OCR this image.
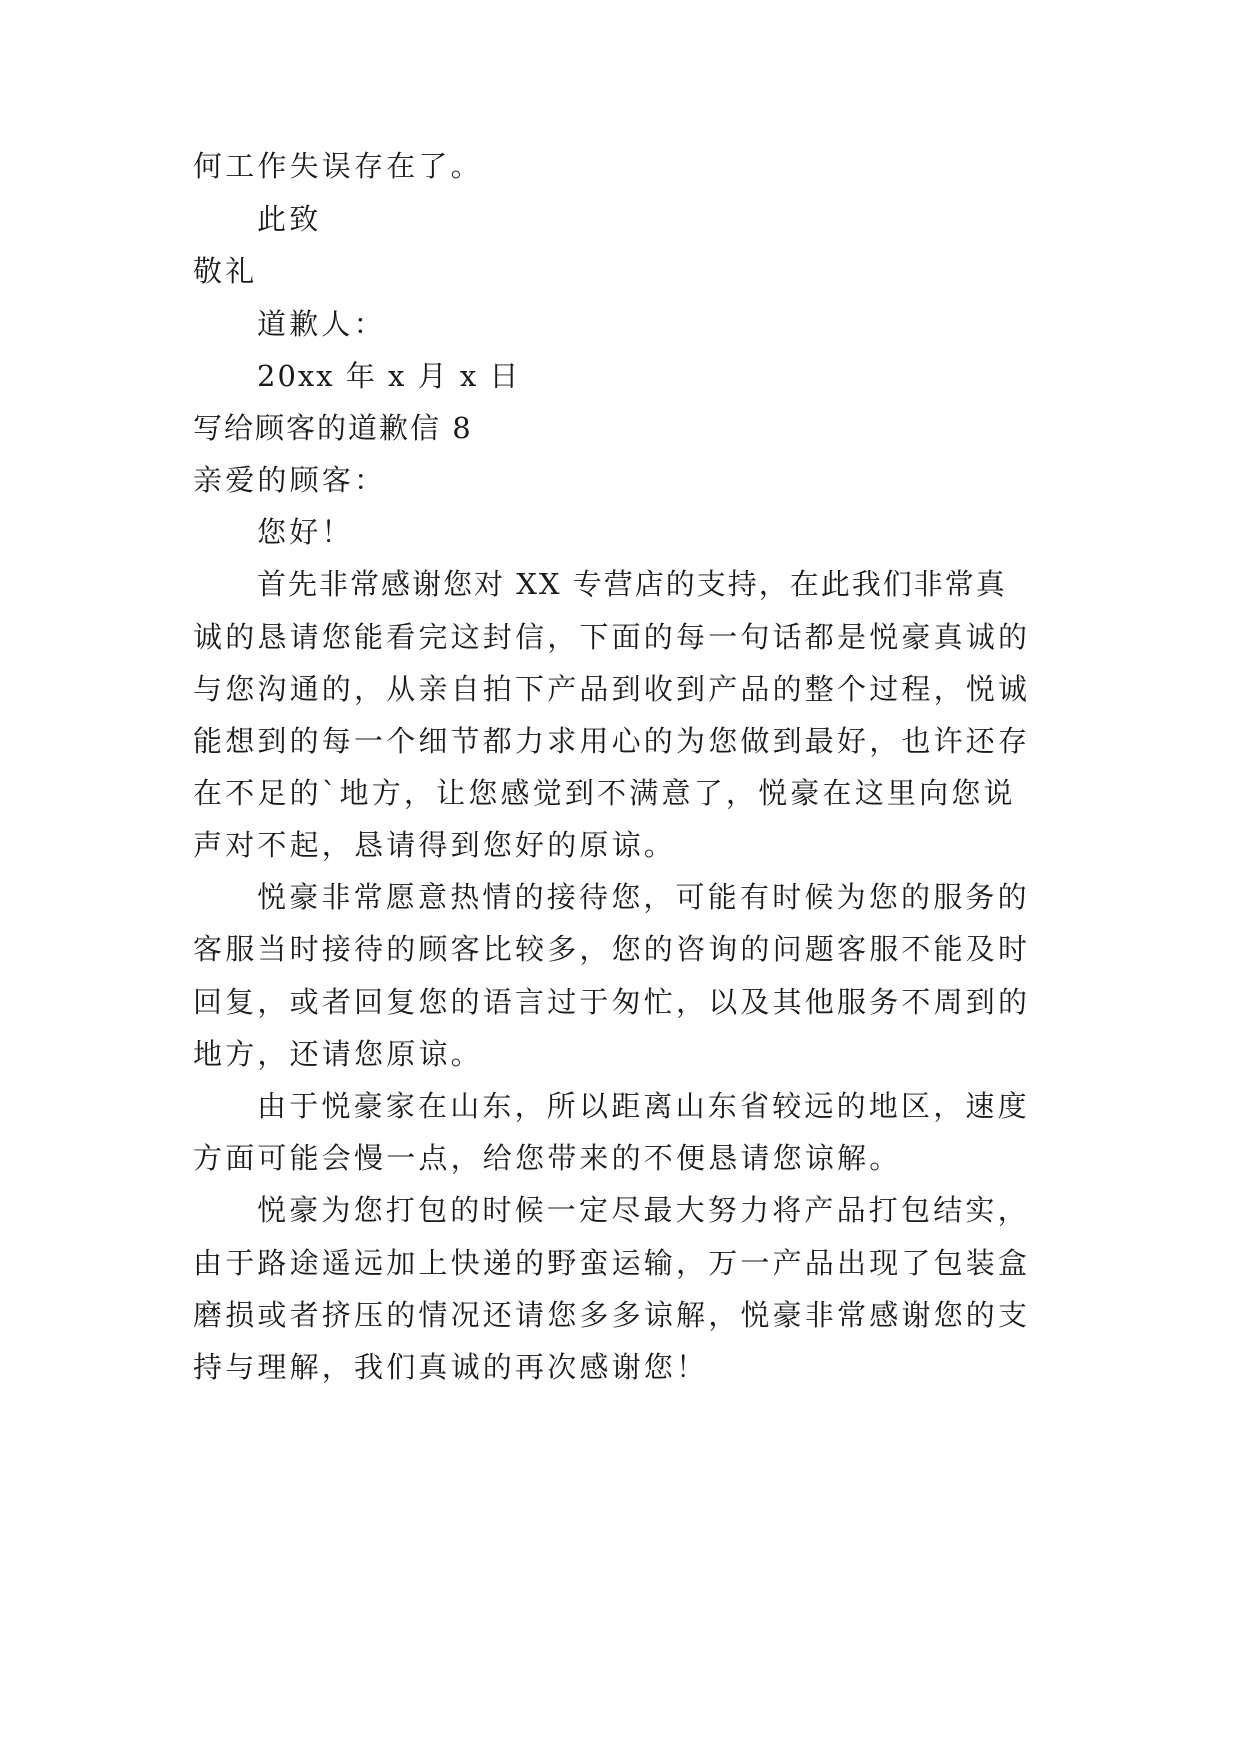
何工作失误存在了。
此致
敬礼
道歉人：
20xx 年 x 月 x 日
写给顾客的道歉信 8
亲爱的顾客：
您好！
首先非常感谢您对 XX 专营店的支持，在此我们非常真
诚的恳请您能看完这封信，下面的每一句话都是悦豪真诚的
与您沟通的，从亲自拍下产品到收到产品的整个过程，悦诚
能想到的每一个细节都力求用心的为您做到最好，也许还存
在不足的`地方，让您感觉到不满意了，悦豪在这里向您说
声对不起，恳请得到您好的原谅。
悦豪非常愿意热情的接待您，可能有时候为您的服务的
客服当时接待的顾客比较多，您的咨询的问题客服不能及时
回复，或者回复您的语言过于匆忙，以及其他服务不周到的
地方，还请您原谅。
由于悦豪家在山东，所以距离山东省较远的地区，速度
方面可能会慢一点，给您带来的不便恳请您谅解。
悦豪为您打包的时候一定尽最大努力将产品打包结实，
由于路途遥远加上快递的野蛮运输，万一产品出现了包装盒
磨损或者挤压的情况还请您多多谅解，悦豪非常感谢您的支
持与理解，我们真诚的再次感谢您！
